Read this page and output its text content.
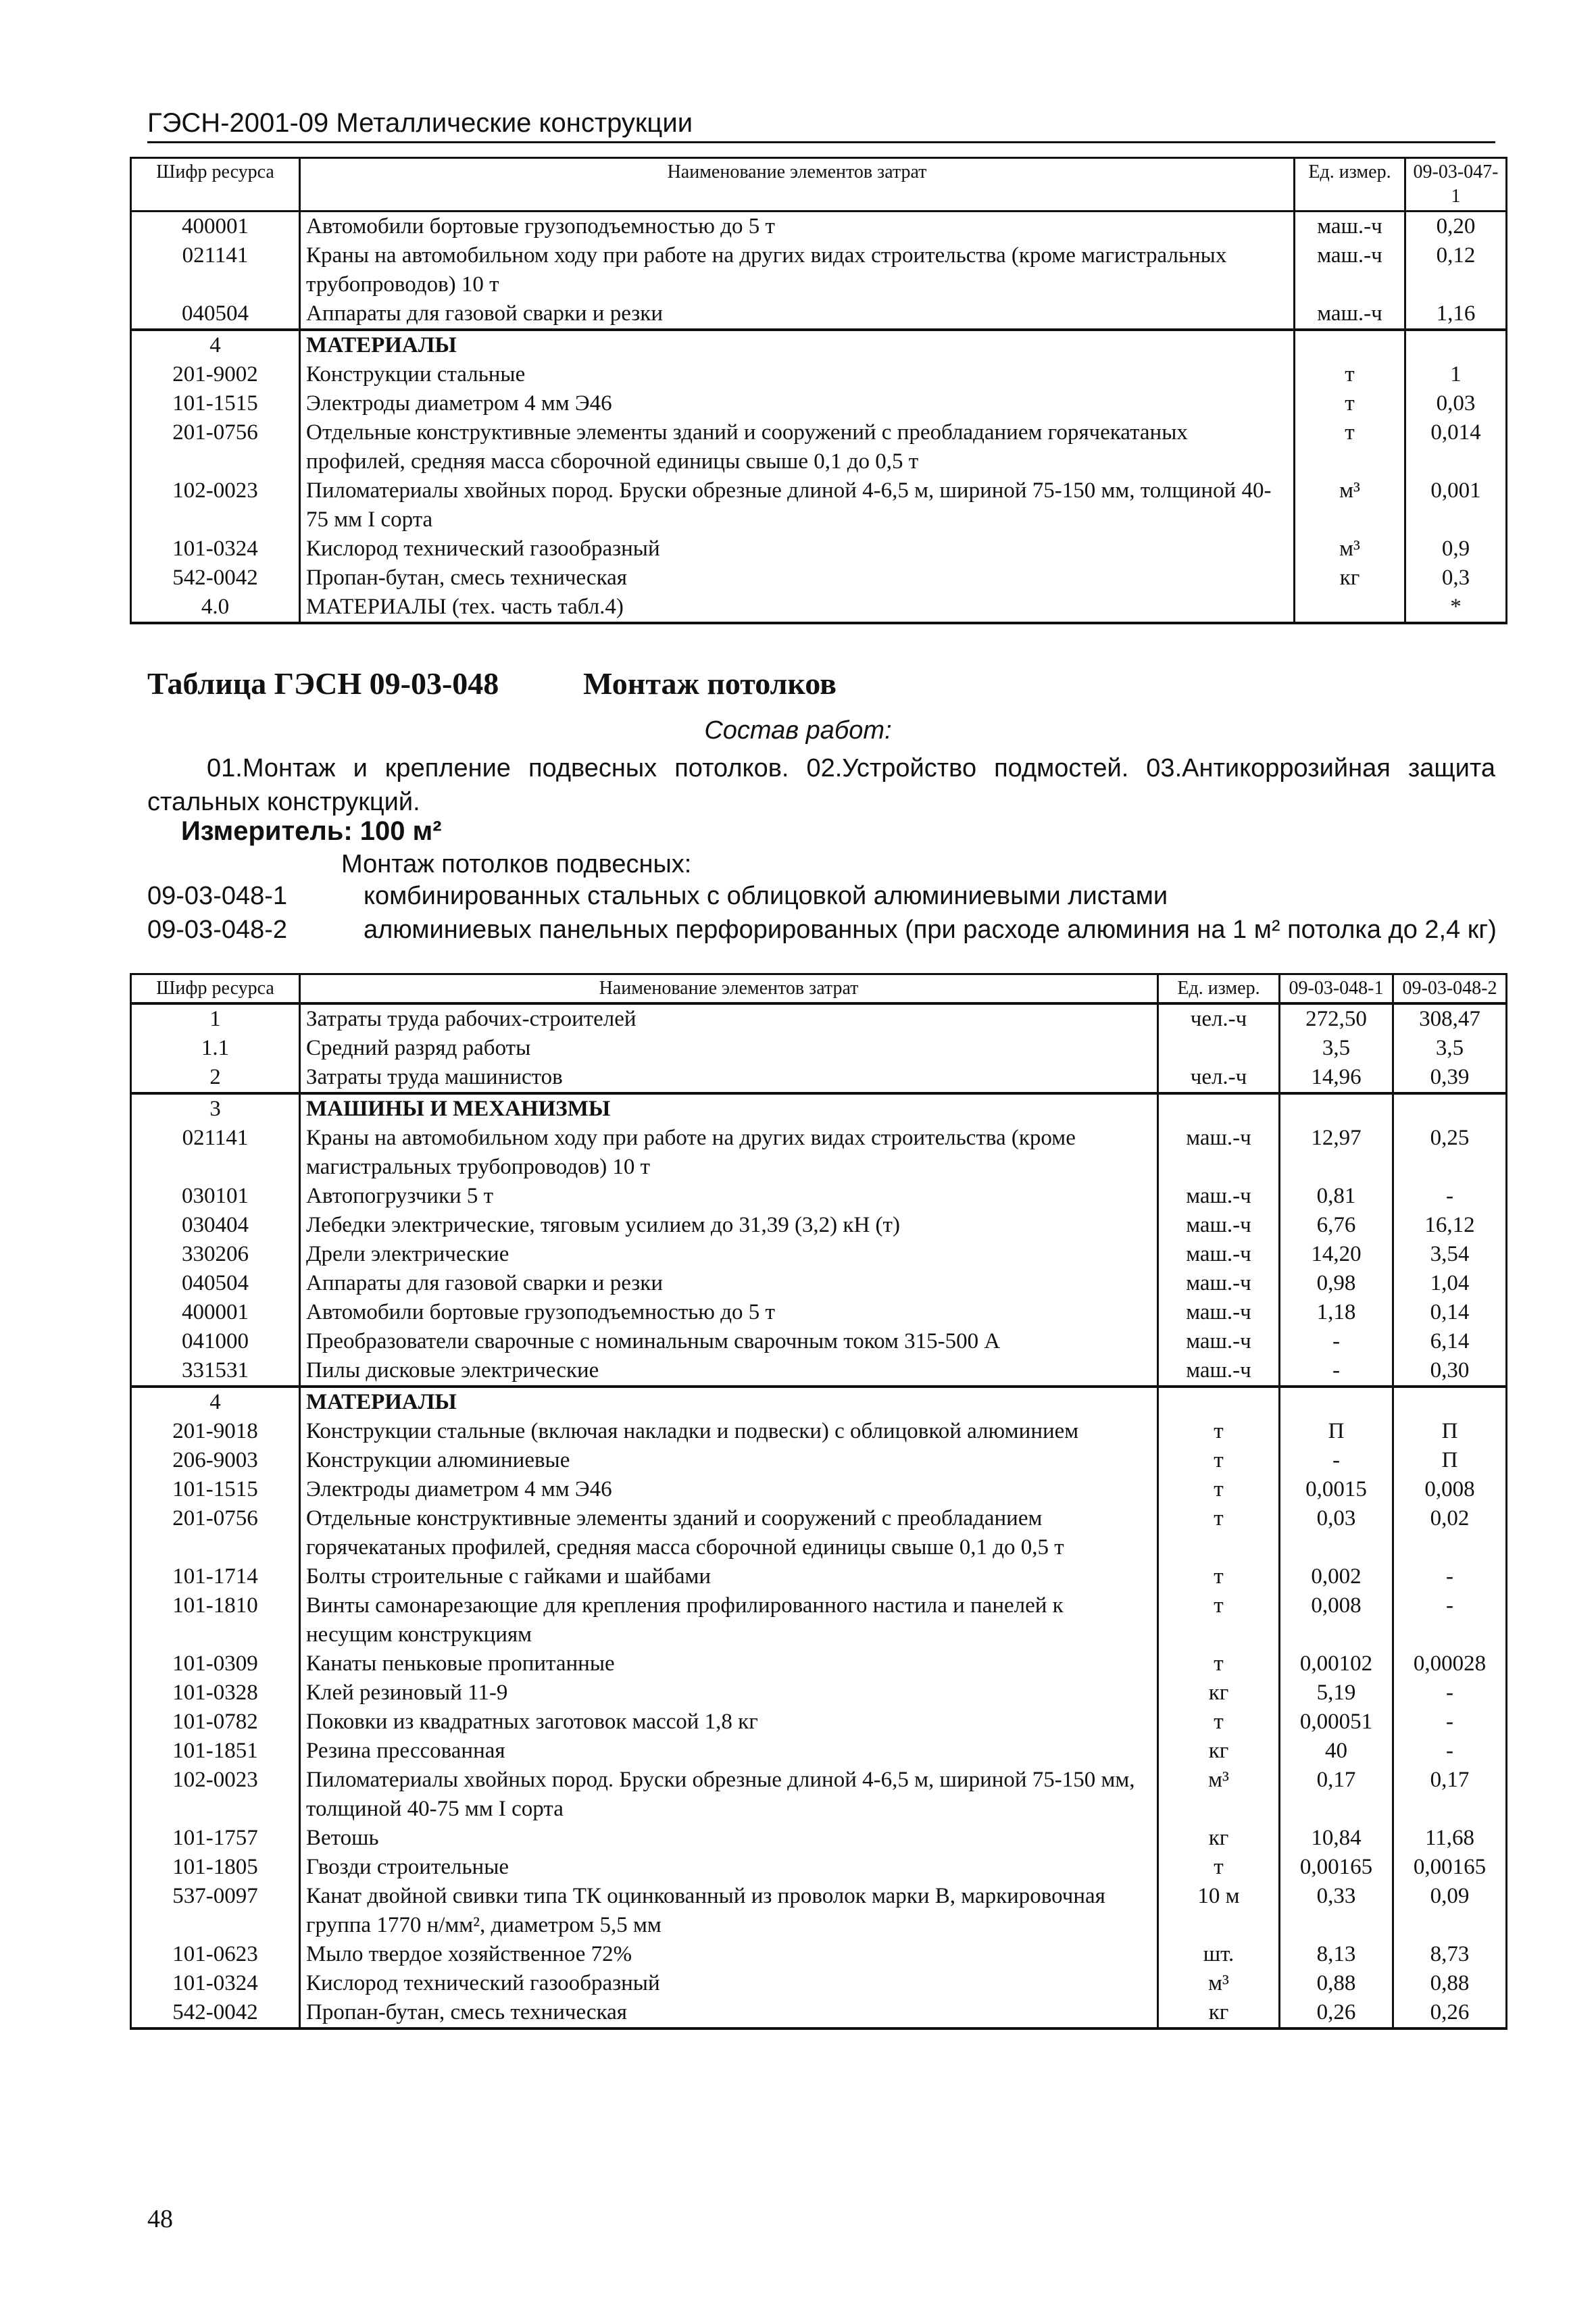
ГЭСН-2001-09 Металлические конструкции
Шифр ресурса	Наименование элементов затрат	Ед. измер.	09-03-047-1
400001	Автомобили бортовые грузоподъемностью до 5 т	маш.-ч	0,20
021141	Краны на автомобильном ходу при работе на других видах строительства (кроме магистральных трубопроводов) 10 т	маш.-ч	0,12
040504	Аппараты для газовой сварки и резки	маш.-ч	1,16
4	МАТЕРИАЛЫ		
201-9002	Конструкции стальные	т	1
101-1515	Электроды диаметром 4 мм Э46	т	0,03
201-0756	Отдельные конструктивные элементы зданий и сооружений с преобладанием горячекатаных профилей, средняя масса сборочной единицы свыше 0,1 до 0,5 т	т	0,014
102-0023	Пиломатериалы хвойных пород. Бруски обрезные длиной 4-6,5 м, шириной 75-150 мм, толщиной 40-75 мм I сорта	м³	0,001
101-0324	Кислород технический газообразный	м³	0,9
542-0042	Пропан-бутан, смесь техническая	кг	0,3
4.0	МАТЕРИАЛЫ (тех. часть табл.4)		*
Таблица ГЭСН 09-03-048	Монтаж потолков
Состав работ:
01.Монтаж и крепление подвесных потолков. 02.Устройство подмостей. 03.Антикоррозийная защита стальных конструкций.
Измеритель: 100 м²
Монтаж потолков подвесных:
09-03-048-1	комбинированных стальных с облицовкой алюминиевыми листами
09-03-048-2	алюминиевых панельных перфорированных (при расходе алюминия на 1 м² потолка до 2,4 кг)
Шифр ресурса	Наименование элементов затрат	Ед. измер.	09-03-048-1	09-03-048-2
1	Затраты труда рабочих-строителей	чел.-ч	272,50	308,47
1.1	Средний разряд работы		3,5	3,5
2	Затраты труда машинистов	чел.-ч	14,96	0,39
3	МАШИНЫ И МЕХАНИЗМЫ			
021141	Краны на автомобильном ходу при работе на других видах строительства (кроме магистральных трубопроводов) 10 т	маш.-ч	12,97	0,25
030101	Автопогрузчики 5 т	маш.-ч	0,81	-
030404	Лебедки электрические, тяговым усилием до 31,39 (3,2) кН (т)	маш.-ч	6,76	16,12
330206	Дрели электрические	маш.-ч	14,20	3,54
040504	Аппараты для газовой сварки и резки	маш.-ч	0,98	1,04
400001	Автомобили бортовые грузоподъемностью до 5 т	маш.-ч	1,18	0,14
041000	Преобразователи сварочные с номинальным сварочным током 315-500 А	маш.-ч	-	6,14
331531	Пилы дисковые электрические	маш.-ч	-	0,30
4	МАТЕРИАЛЫ			
201-9018	Конструкции стальные (включая накладки и подвески) с облицовкой алюминием	т	П	П
206-9003	Конструкции алюминиевые	т	-	П
101-1515	Электроды диаметром 4 мм Э46	т	0,0015	0,008
201-0756	Отдельные конструктивные элементы зданий и сооружений с преобладанием горячекатаных профилей, средняя масса сборочной единицы свыше 0,1 до 0,5 т	т	0,03	0,02
101-1714	Болты строительные с гайками и шайбами	т	0,002	-
101-1810	Винты самонарезающие для крепления профилированного настила и панелей к несущим конструкциям	т	0,008	-
101-0309	Канаты пеньковые пропитанные	т	0,00102	0,00028
101-0328	Клей резиновый 11-9	кг	5,19	-
101-0782	Поковки из квадратных заготовок массой 1,8 кг	т	0,00051	-
101-1851	Резина прессованная	кг	40	-
102-0023	Пиломатериалы хвойных пород. Бруски обрезные длиной 4-6,5 м, шириной 75-150 мм, толщиной 40-75 мм I сорта	м³	0,17	0,17
101-1757	Ветошь	кг	10,84	11,68
101-1805	Гвозди строительные	т	0,00165	0,00165
537-0097	Канат двойной свивки типа ТК оцинкованный из проволок марки В, маркировочная группа 1770 н/мм², диаметром 5,5 мм	10 м	0,33	0,09
101-0623	Мыло твердое хозяйственное 72%	шт.	8,13	8,73
101-0324	Кислород технический газообразный	м³	0,88	0,88
542-0042	Пропан-бутан, смесь техническая	кг	0,26	0,26
48
